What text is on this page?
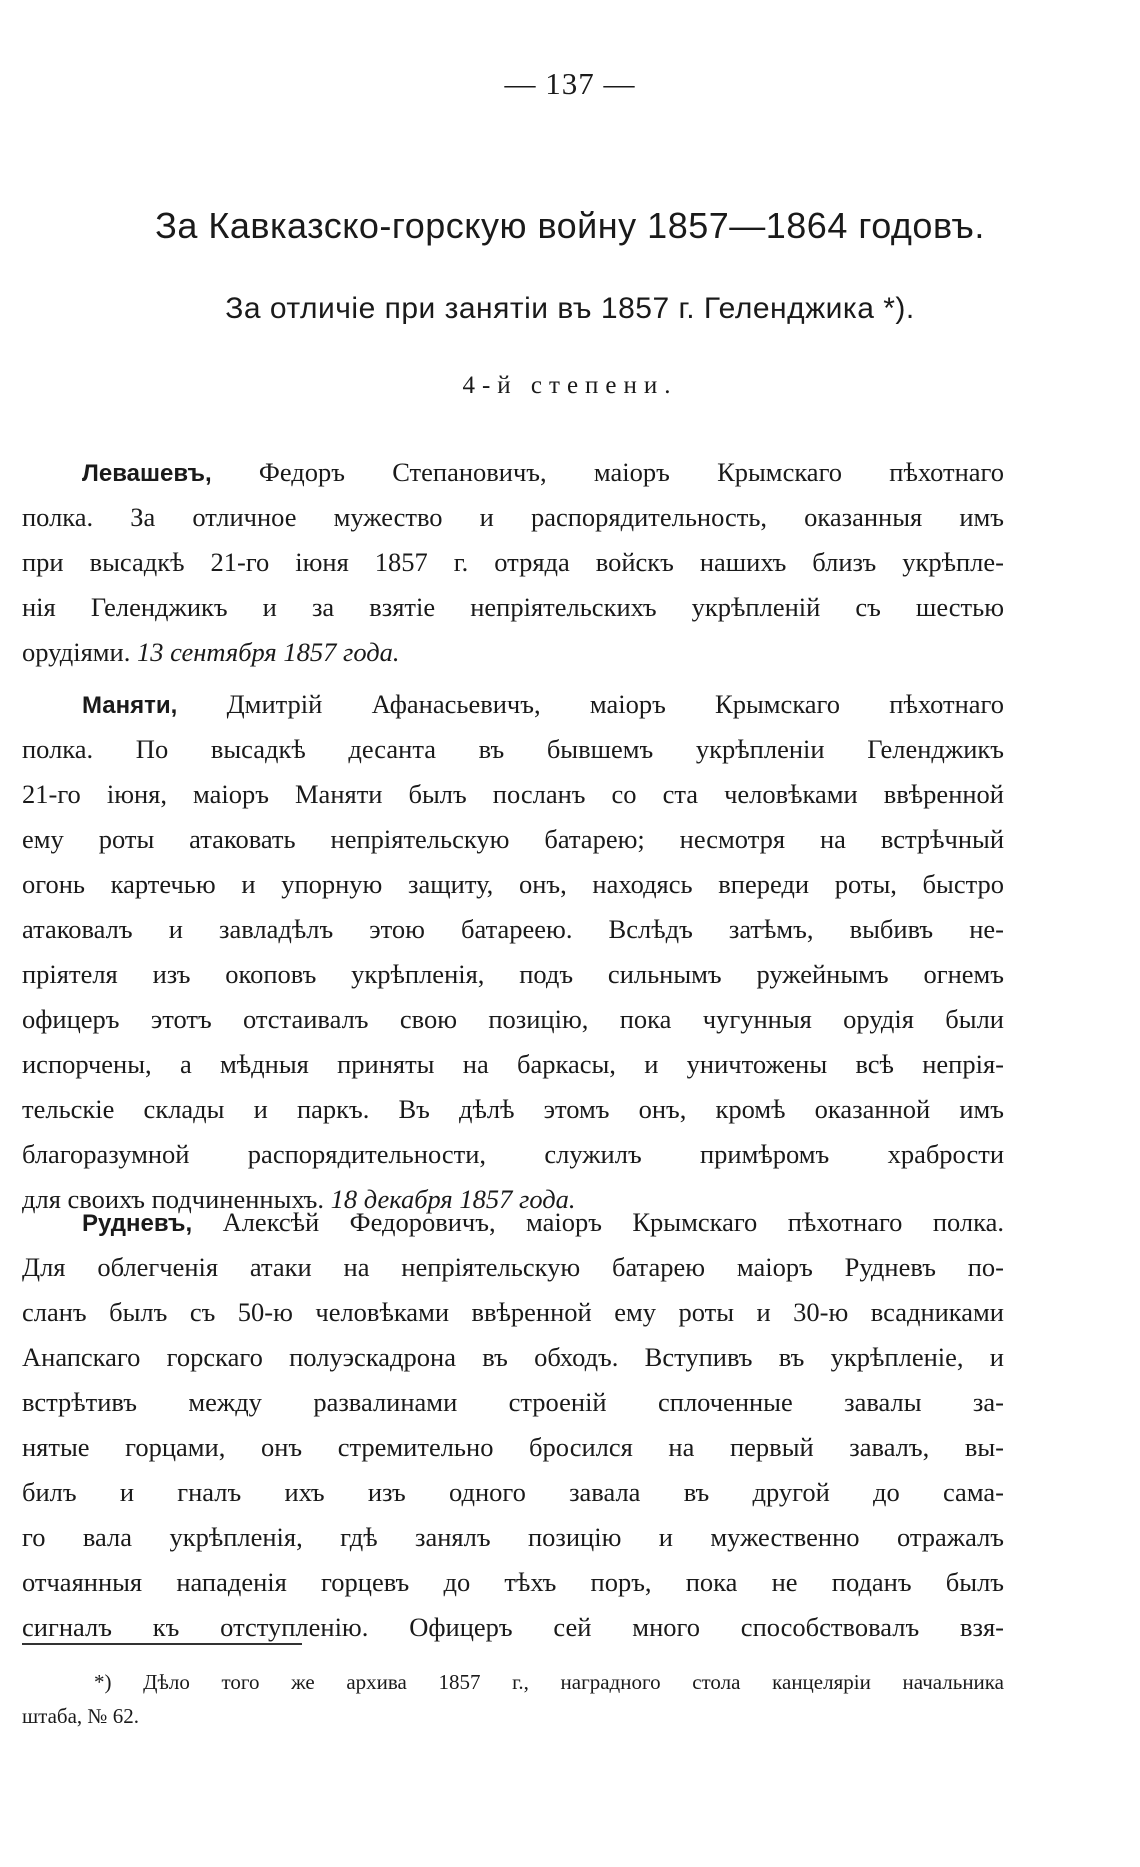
— 137 —
За Кавказско-горскую войну 1857—1864 годовъ.
За отличіе при занятіи въ 1857 г. Геленджика *).
4-й степени.
Левашевъ, Федоръ Степановичъ, маіоръ Крымскаго пѣхотнаго
полка. За отличное мужество и распорядительность, оказанныя имъ
при высадкѣ 21-го іюня 1857 г. отряда войскъ нашихъ близъ укрѣпле-
нія Геленджикъ и за взятіе непріятельскихъ укрѣпленій съ шестью
орудіями. 13 сентября 1857 года.
Маняти, Дмитрій Афанасьевичъ, маіоръ Крымскаго пѣхотнаго
полка. По высадкѣ десанта въ бывшемъ укрѣпленіи Геленджикъ
21-го іюня, маіоръ Маняти былъ посланъ со ста человѣками ввѣренной
ему роты атаковать непріятельскую батарею; несмотря на встрѣчный
огонь картечью и упорную защиту, онъ, находясь впереди роты, быстро
атаковалъ и завладѣлъ этою батареею. Вслѣдъ затѣмъ, выбивъ не-
пріятеля изъ окоповъ укрѣпленія, подъ сильнымъ ружейнымъ огнемъ
офицеръ этотъ отстаивалъ свою позицію, пока чугунныя орудія были
испорчены, а мѣдныя приняты на баркасы, и уничтожены всѣ непрія-
тельскіе склады и паркъ. Въ дѣлѣ этомъ онъ, кромѣ оказанной имъ
благоразумной распорядительности, служилъ примѣромъ храбрости
для своихъ подчиненныхъ. 18 декабря 1857 года.
Рудневъ, Алексѣй Федоровичъ, маіоръ Крымскаго пѣхотнаго полка.
Для облегченія атаки на непріятельскую батарею маіоръ Рудневъ по-
сланъ былъ съ 50-ю человѣками ввѣренной ему роты и 30-ю всадниками
Анапскаго горскаго полуэскадрона въ обходъ. Вступивъ въ укрѣпленіе, и
встрѣтивъ между развалинами строеній сплоченные завалы за-
нятые горцами, онъ стремительно бросился на первый завалъ, вы-
билъ и гналъ ихъ изъ одного завала въ другой до сама-
го вала укрѣпленія, гдѣ занялъ позицію и мужественно отражалъ
отчаянныя нападенія горцевъ до тѣхъ поръ, пока не поданъ былъ
сигналъ къ отступленію. Офицеръ сей много способствовалъ взя-
*) Дѣло того же архива 1857 г., наградного стола канцеляріи начальника
штаба, № 62.
